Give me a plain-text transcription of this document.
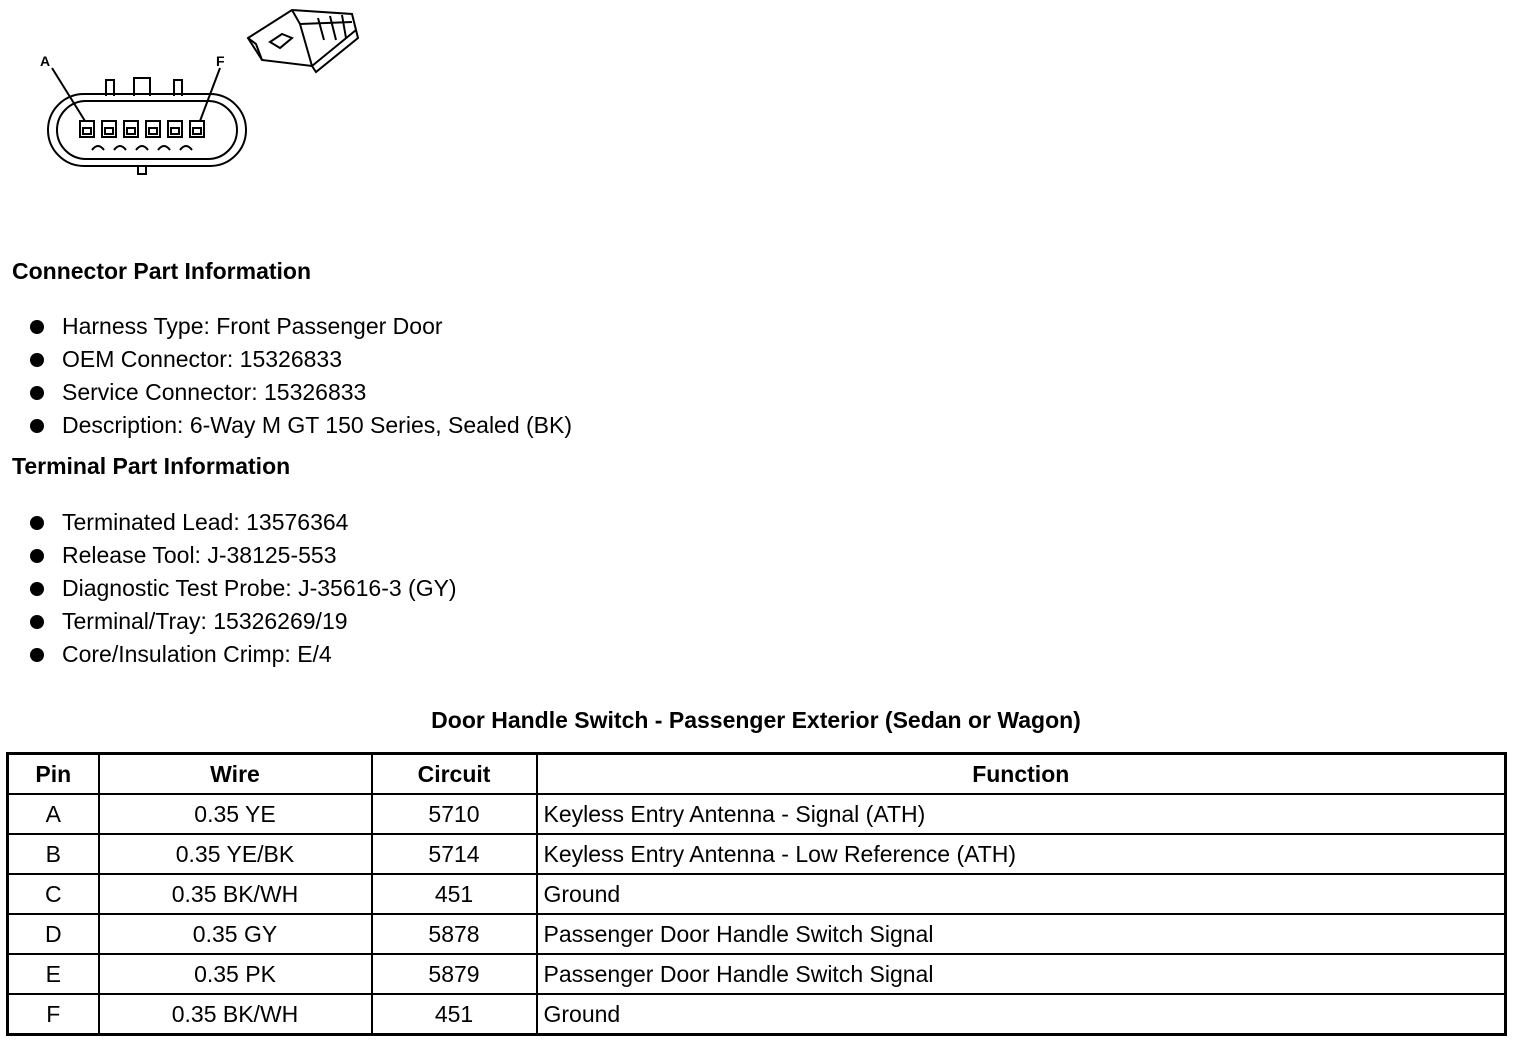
A	F
Connector Part Information
Harness Type: Front Passenger Door
OEM Connector: 15326833
Service Connector: 15326833
Description: 6-Way M GT 150 Series, Sealed (BK)
Terminal Part Information
Terminated Lead: 13576364
Release Tool: J-38125-553
Diagnostic Test Probe: J-35616-3 (GY)
Terminal/Tray: 15326269/19
Core/Insulation Crimp: E/4
Door Handle Switch - Passenger Exterior (Sedan or Wagon)
Pin	Wire	Circuit	Function
A	0.35 YE	5710	Keyless Entry Antenna - Signal (ATH)
B	0.35 YE/BK	5714	Keyless Entry Antenna - Low Reference (ATH)
C	0.35 BK/WH	451	Ground
D	0.35 GY	5878	Passenger Door Handle Switch Signal
E	0.35 PK	5879	Passenger Door Handle Switch Signal
F	0.35 BK/WH	451	Ground
